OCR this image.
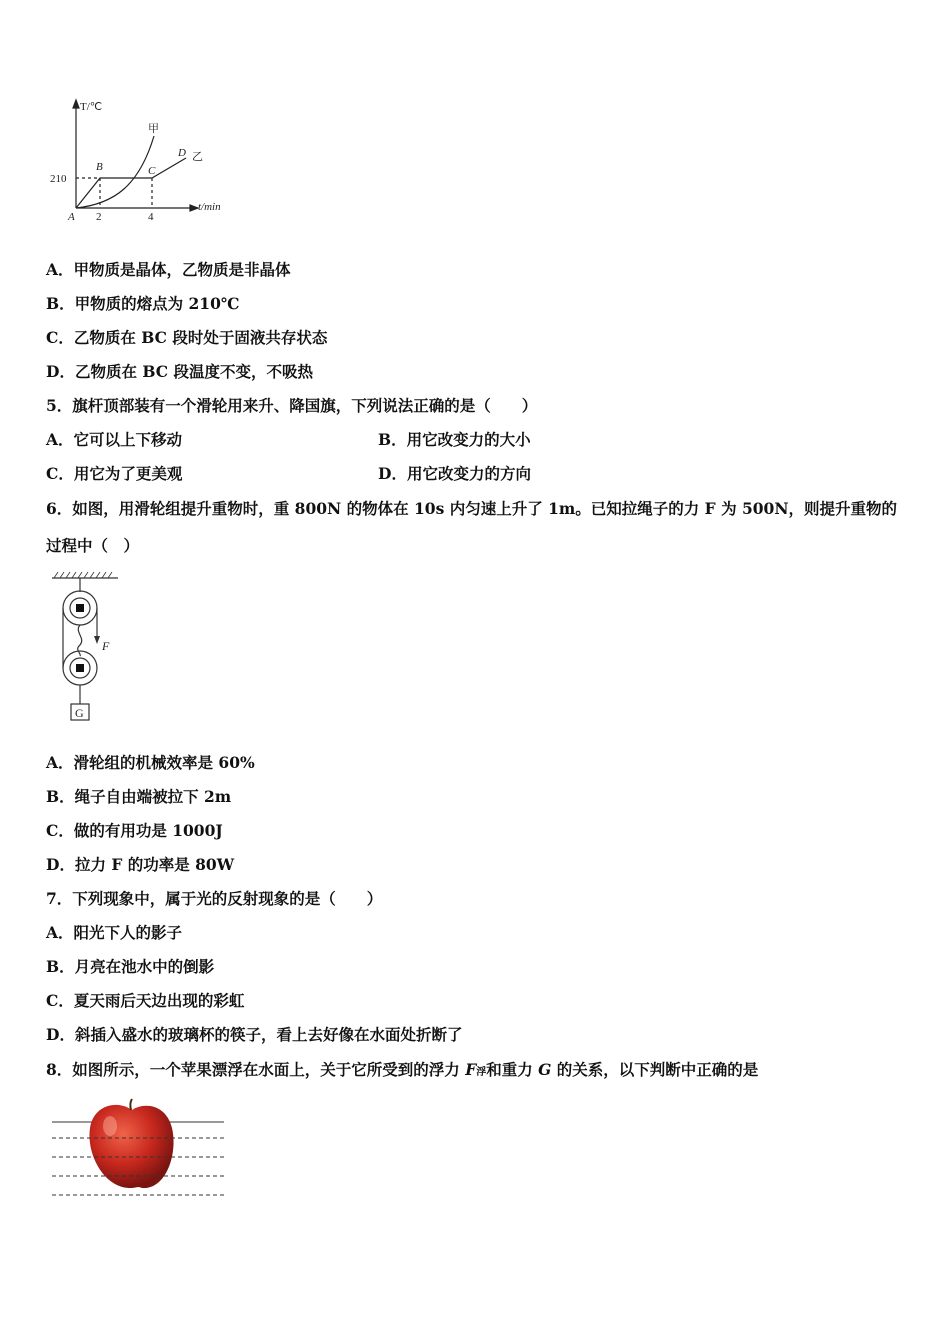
T/℃
t/min
210
2	4
A
B	C
D
甲
乙
A．甲物质是晶体，乙物质是非晶体
B．甲物质的熔点为 210℃
C．乙物质在 BC 段时处于固液共存状态
D．乙物质在 BC 段温度不变，不吸热
5．旗杆顶部装有一个滑轮用来升、降国旗，下列说法正确的是（　　）
A．它可以上下移动	B．用它改变力的大小
C．用它为了更美观	D．用它改变力的方向
6．如图，用滑轮组提升重物时，重 800N 的物体在 10s 内匀速上升了 1m。已知拉绳子的力 F 为 500N，则提升重物的
过程中（　）
F
G
A．滑轮组的机械效率是 60%
B．绳子自由端被拉下 2m
C．做的有用功是 1000J
D．拉力 F 的功率是 80W
7．下列现象中，属于光的反射现象的是（　　）
A．阳光下人的影子
B．月亮在池水中的倒影
C．夏天雨后天边出现的彩虹
D．斜插入盛水的玻璃杯的筷子，看上去好像在水面处折断了
8．如图所示，一个苹果漂浮在水面上，关于它所受到的浮力 F浮和重力 G 的关系，以下判断中正确的是
